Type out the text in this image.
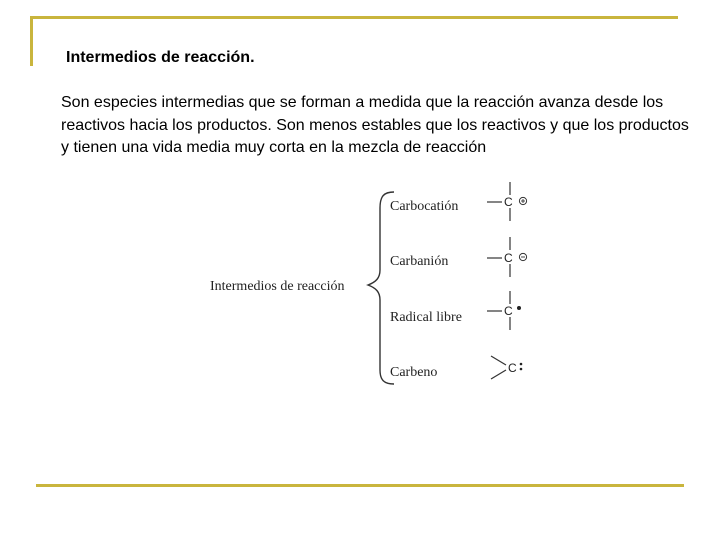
Intermedios de reacción.

Son especies intermedias que se forman a medida que la reacción avanza desde los reactivos hacia los productos. Son menos estables que los reactivos y que los productos y tienen una vida media muy corta en la mezcla de reacción

Intermedios de reacción
Carbocatión
Carbanión
Radical libre
Carbeno
C
C
C
C
